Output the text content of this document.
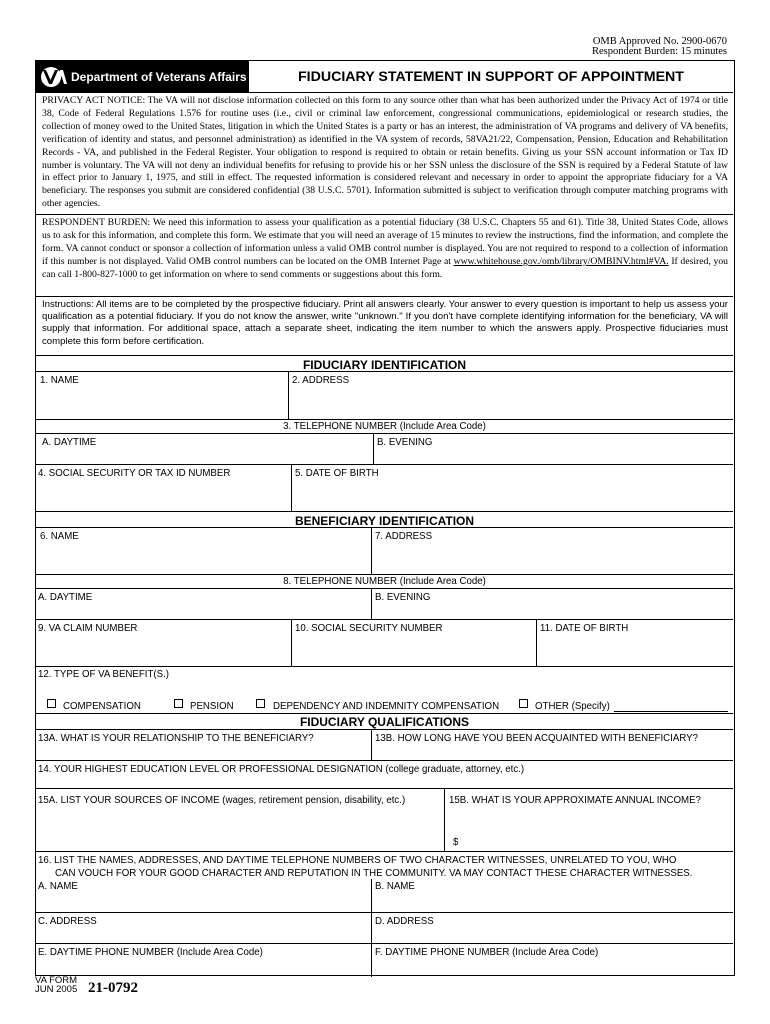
OMB Approved No. 2900-0670
Respondent Burden: 15 minutes
Department of Veterans Affairs	FIDUCIARY STATEMENT IN SUPPORT OF APPOINTMENT
PRIVACY ACT NOTICE: The VA will not disclose information collected on this form to any source other than what has been authorized under the Privacy Act of 1974 or title 38, Code of Federal Regulations 1.576 for routine uses (i.e., civil or criminal law enforcement, congressional communications, epidemiological or research studies, the collection of money owed to the United States, litigation in which the United States is a party or has an interest, the administration of VA programs and delivery of VA benefits, verification of identity and status, and personnel administration) as identified in the VA system of records, 58VA21/22, Compensation, Pension, Education and Rehabilitation Records - VA, and published in the Federal Register. Your obligation to respond is required to obtain or retain benefits. Giving us your SSN account information or Tax ID number is voluntary. The VA will not deny an individual benefits for refusing to provide his or her SSN unless the disclosure of the SSN is required by a Federal Statute of law in effect prior to January 1, 1975, and still in effect. The requested information is considered relevant and necessary in order to appoint the appropriate fiduciary for a VA beneficiary. The responses you submit are considered confidential (38 U.S.C. 5701). Information submitted is subject to verification through computer matching programs with other agencies.
RESPONDENT BURDEN: We need this information to assess your qualification as a potential fiduciary (38 U.S.C. Chapters 55 and 61). Title 38, United States Code, allows us to ask for this information, and complete this form. We estimate that you will need an average of 15 minutes to review the instructions, find the information, and complete the form. VA cannot conduct or sponsor a collection of information unless a valid OMB control number is displayed. You are not required to respond to a collection of information if this number is not displayed. Valid OMB control numbers can be located on the OMB Internet Page at www.whitehouse.gov./omb/library/OMBINV.html#VA. If desired, you can call 1-800-827-1000 to get information on where to send comments or suggestions about this form.
Instructions: All items are to be completed by the prospective fiduciary. Print all answers clearly. Your answer to every question is important to help us assess your qualification as a potential fiduciary. If you do not know the answer, write "unknown." If you don't have complete identifying information for the beneficiary, VA will supply that information. For additional space, attach a separate sheet, indicating the item number to which the answers apply. Prospective fiduciaries must complete this form before certification.
FIDUCIARY IDENTIFICATION
1. NAME	2. ADDRESS
3. TELEPHONE NUMBER (Include Area Code)
A. DAYTIME	B. EVENING
4. SOCIAL SECURITY OR TAX ID NUMBER	5. DATE OF BIRTH
BENEFICIARY IDENTIFICATION
6. NAME	7. ADDRESS
8. TELEPHONE NUMBER (Include Area Code)
A. DAYTIME	B. EVENING
9. VA CLAIM NUMBER	10. SOCIAL SECURITY NUMBER	11. DATE OF BIRTH
12. TYPE OF VA BENEFIT(S.)
COMPENSATION	PENSION	DEPENDENCY AND INDEMNITY COMPENSATION	OTHER (Specify)
FIDUCIARY QUALIFICATIONS
13A. WHAT IS YOUR RELATIONSHIP TO THE BENEFICIARY?	13B. HOW LONG HAVE YOU BEEN ACQUAINTED WITH BENEFICIARY?
14. YOUR HIGHEST EDUCATION LEVEL OR PROFESSIONAL DESIGNATION (college graduate, attorney, etc.)
15A. LIST YOUR SOURCES OF INCOME (wages, retirement pension, disability, etc.)	15B. WHAT IS YOUR APPROXIMATE ANNUAL INCOME?
$
16. LIST THE NAMES, ADDRESSES, AND DAYTIME TELEPHONE NUMBERS OF TWO CHARACTER WITNESSES, UNRELATED TO YOU, WHO
CAN VOUCH FOR YOUR GOOD CHARACTER AND REPUTATION IN THE COMMUNITY. VA MAY CONTACT THESE CHARACTER WITNESSES.
A. NAME	B. NAME
C. ADDRESS	D. ADDRESS
E. DAYTIME PHONE NUMBER (Include Area Code)	F. DAYTIME PHONE NUMBER (Include Area Code)
VA FORM
JUN 2005 21-0792
